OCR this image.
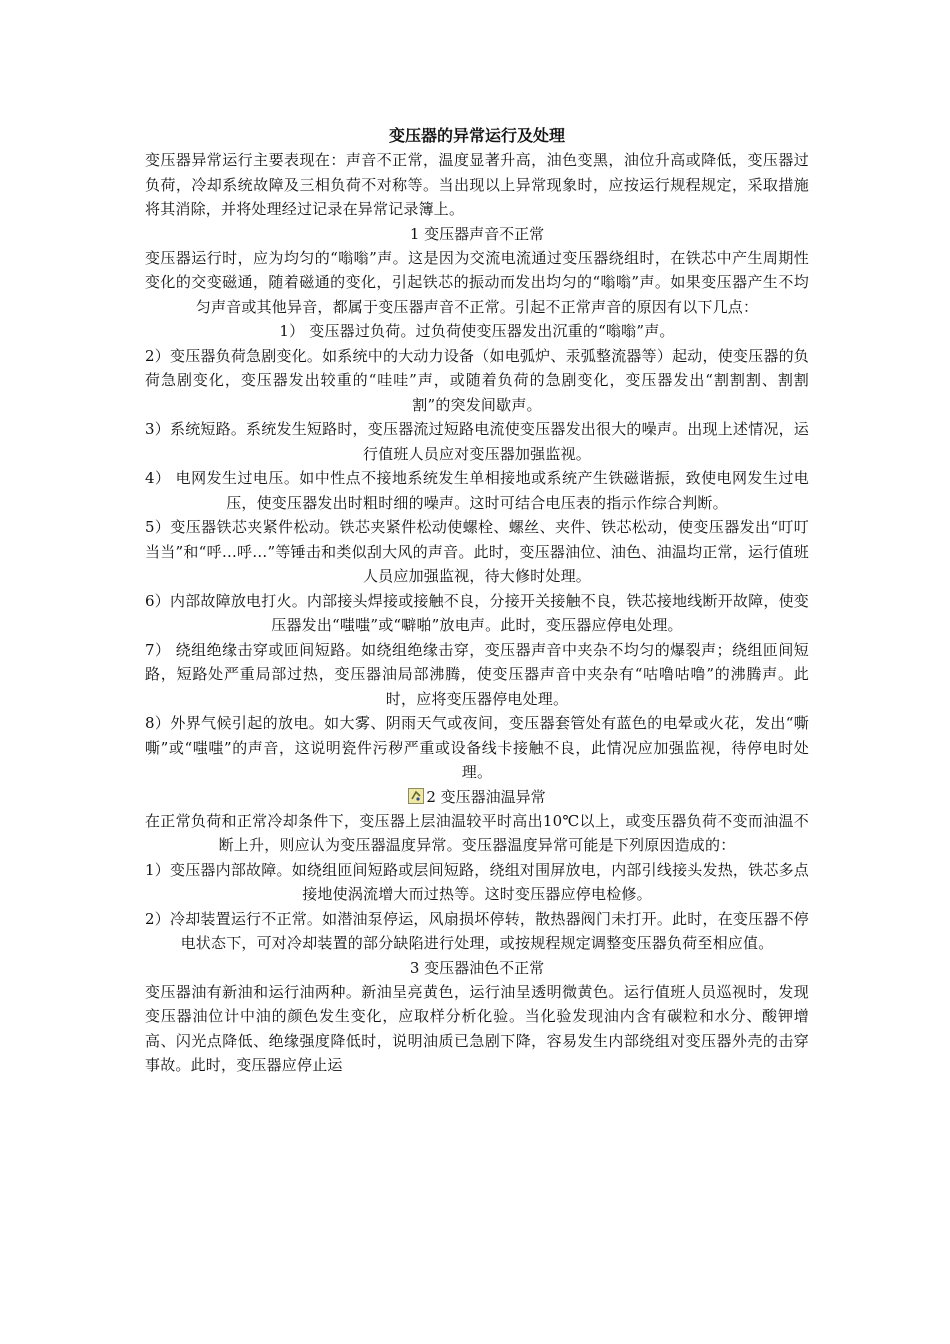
变压器的异常运行及处理

变压器异常运行主要表现在：声音不正常，温度显著升高，油色变黑，油位升高或降低，变压器过负荷，冷却系统故障及三相负荷不对称等。当出现以上异常现象时，应按运行规程规定，采取措施将其消除，并将处理经过记录在异常记录簿上。

1 变压器声音不正常

变压器运行时，应为均匀的“嗡嗡”声。这是因为交流电流通过变压器绕组时，在铁芯中产生周期性变化的交变磁通，随着磁通的变化，引起铁芯的振动而发出均匀的“嗡嗡”声。如果变压器产生不均匀声音或其他异音，都属于变压器声音不正常。引起不正常声音的原因有以下几点：

1） 变压器过负荷。过负荷使变压器发出沉重的“嗡嗡”声。

2）变压器负荷急剧变化。如系统中的大动力设备（如电弧炉、汞弧整流器等）起动，使变压器的负荷急剧变化，变压器发出较重的“哇哇”声，或随着负荷的急剧变化，变压器发出“割割割、割割割”的突发间歇声。

3）系统短路。系统发生短路时，变压器流过短路电流使变压器发出很大的噪声。出现上述情况，运行值班人员应对变压器加强监视。

4） 电网发生过电压。如中性点不接地系统发生单相接地或系统产生铁磁谐振，致使电网发生过电压，使变压器发出时粗时细的噪声。这时可结合电压表的指示作综合判断。

5）变压器铁芯夹紧件松动。铁芯夹紧件松动使螺栓、螺丝、夹件、铁芯松动，使变压器发出“叮叮当当”和“呼…呼…”等锤击和类似刮大风的声音。此时，变压器油位、油色、油温均正常，运行值班人员应加强监视，待大修时处理。

6）内部故障放电打火。内部接头焊接或接触不良，分接开关接触不良，铁芯接地线断开故障，使变压器发出“嗤嗤”或“噼啪”放电声。此时，变压器应停电处理。

7） 绕组绝缘击穿或匝间短路。如绕组绝缘击穿，变压器声音中夹杂不均匀的爆裂声；绕组匝间短路，短路处严重局部过热，变压器油局部沸腾，使变压器声音中夹杂有“咕噜咕噜”的沸腾声。此时，应将变压器停电处理。

8）外界气候引起的放电。如大雾、阴雨天气或夜间，变压器套管处有蓝色的电晕或火花，发出“嘶嘶”或“嗤嗤”的声音，这说明瓷件污秽严重或设备线卡接触不良，此情况应加强监视，待停电时处理。

2 变压器油温异常

在正常负荷和正常冷却条件下，变压器上层油温较平时高出10℃以上，或变压器负荷不变而油温不断上升，则应认为变压器温度异常。变压器温度异常可能是下列原因造成的：

1）变压器内部故障。如绕组匝间短路或层间短路，绕组对围屏放电，内部引线接头发热，铁芯多点接地使涡流增大而过热等。这时变压器应停电检修。

2）冷却装置运行不正常。如潜油泵停运，风扇损坏停转，散热器阀门未打开。此时，在变压器不停电状态下，可对冷却装置的部分缺陷进行处理，或按规程规定调整变压器负荷至相应值。

3 变压器油色不正常

变压器油有新油和运行油两种。新油呈亮黄色，运行油呈透明微黄色。运行值班人员巡视时，发现变压器油位计中油的颜色发生变化，应取样分析化验。当化验发现油内含有碳粒和水分、酸钾增高、闪光点降低、绝缘强度降低时，说明油质已急剧下降，容易发生内部绕组对变压器外壳的击穿事故。此时，变压器应停止运
